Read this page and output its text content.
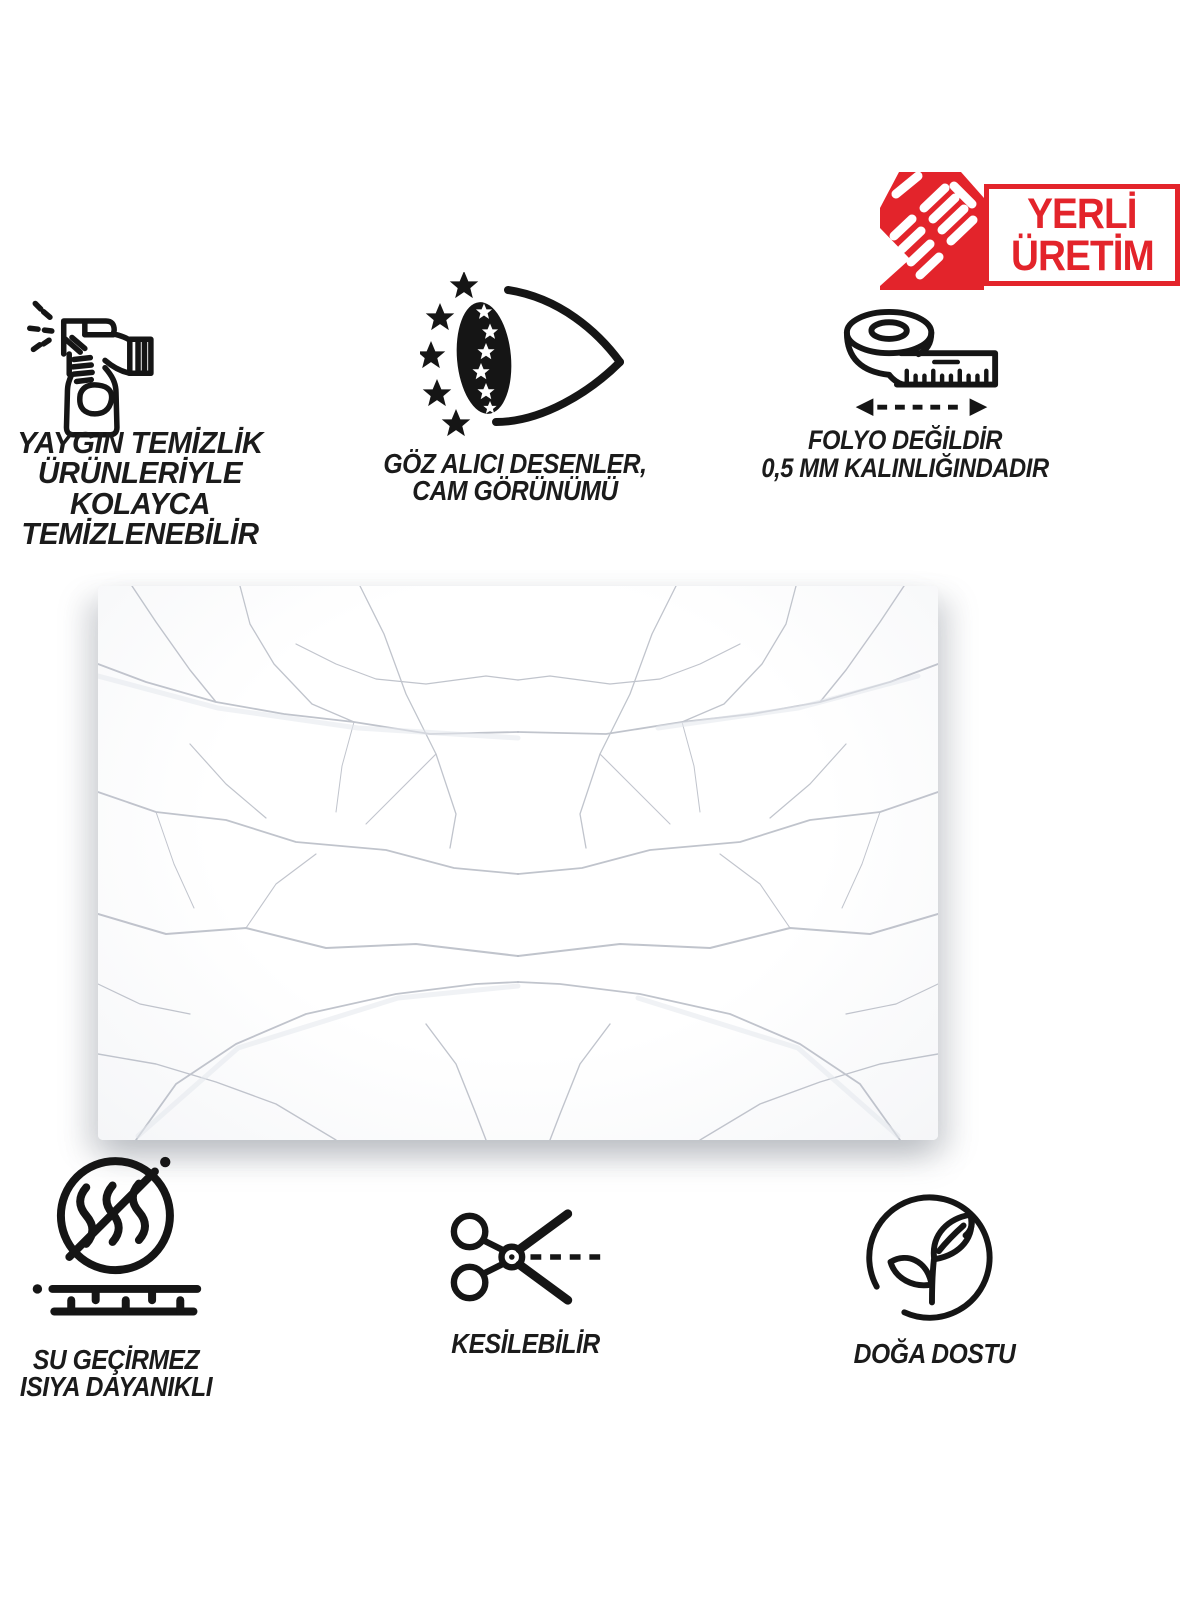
YERLİ
ÜRETİM
YAYGIN TEMİZLİK
ÜRÜNLERİYLE
KOLAYCA
TEMİZLENEBİLİR
GÖZ ALICI DESENLER,
CAM GÖRÜNÜMÜ
FOLYO DEĞİLDİR
0,5 MM KALINLIĞINDADIR
SU GEÇİRMEZ
ISIYA DAYANIKLI
KESİLEBİLİR	DOĞA DOSTU
